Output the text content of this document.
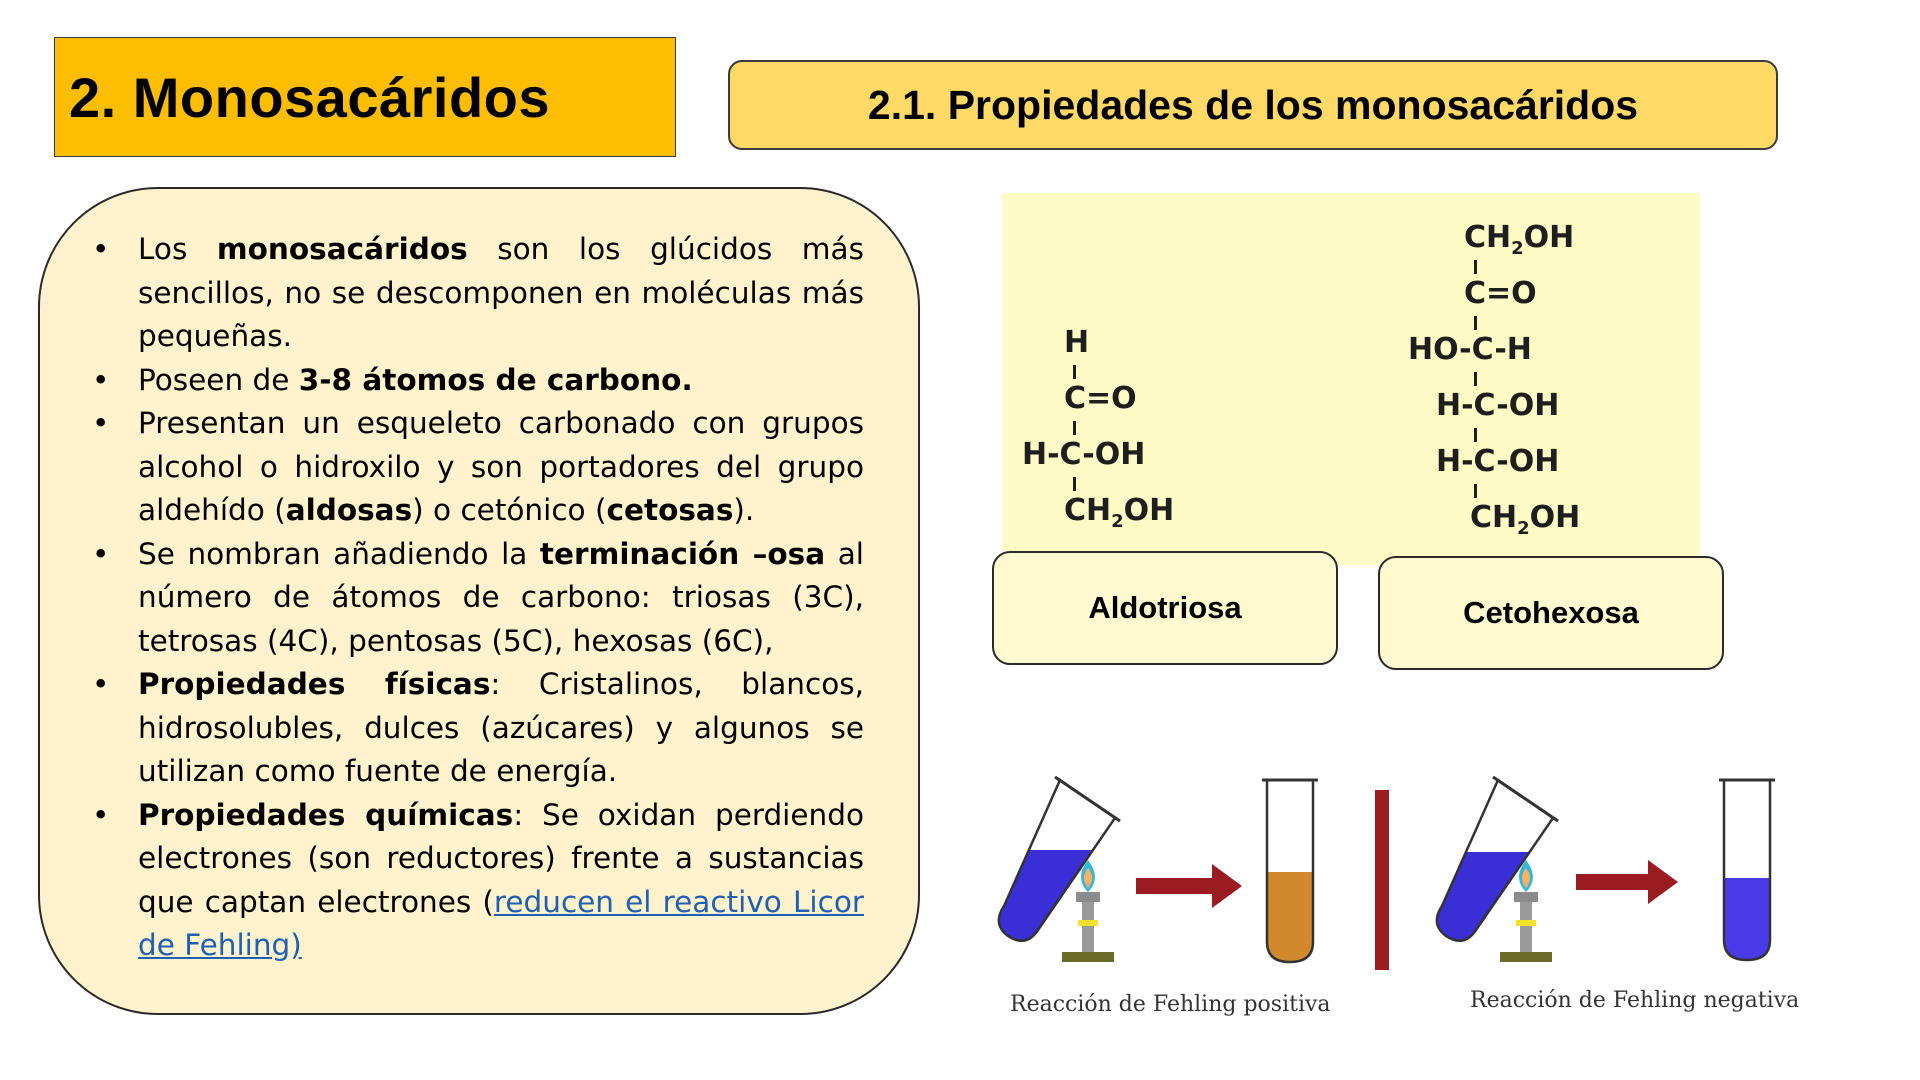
2. Monosacáridos	2.1. Propiedades de los monosacáridos
• Los monosacáridos son los glúcidos más sencillos, no se descomponen en moléculas más pequeñas.
• Poseen de 3-8 átomos de carbono.
• Presentan un esqueleto carbonado con grupos alcohol o hidroxilo y son portadores del grupo aldehído (aldosas) o cetónico (cetosas).
• Se nombran añadiendo la terminación –osa al número de átomos de carbono: triosas (3C), tetrosas (4C), pentosas (5C), hexosas (6C),
• Propiedades físicas: Cristalinos, blancos, hidrosolubles, dulces (azúcares) y algunos se utilizan como fuente de energía.
• Propiedades químicas: Se oxidan perdiendo electrones (son reductores) frente a sustancias que captan electrones (reducen el reactivo Licor de Fehling)
H
C=O
H-C-OH
$CH_2OH$
$CH_2OH$
C=O
HO-C-H
H-C-OH
H-C-OH
$CH_2OH$
Aldotriosa	Cetohexosa
Reacción de Fehling positiva	Reacción de Fehling negativa
